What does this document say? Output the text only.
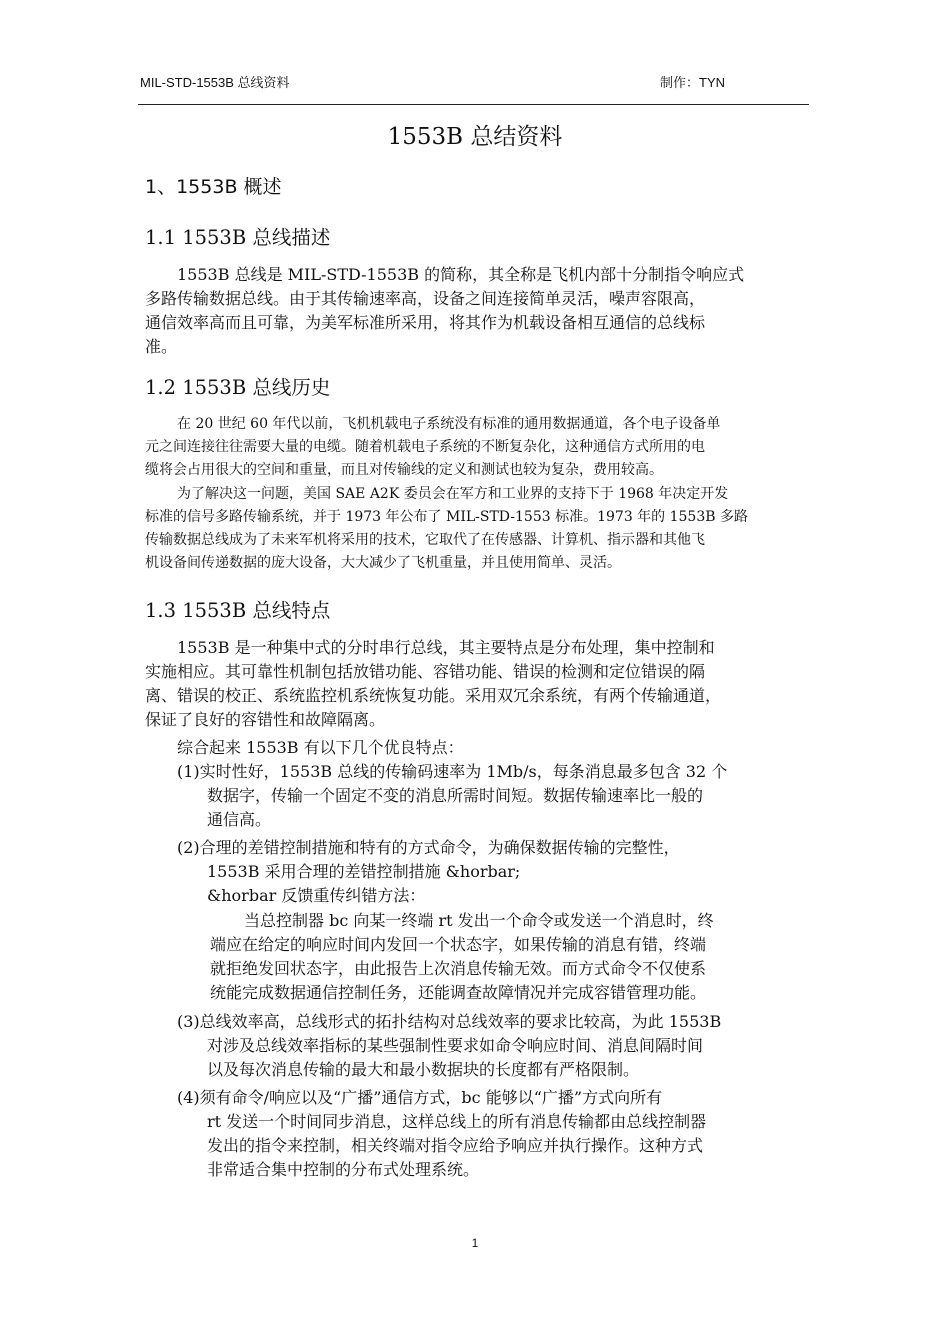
MIL-STD-1553B 总线资料	制作：TYN
1553B 总结资料
1、1553B 概述
1.1 1553B 总线描述
1553B 总线是 MIL-STD-1553B 的简称，其全称是飞机内部十分制指令响应式
多路传输数据总线。由于其传输速率高，设备之间连接简单灵活，噪声容限高，
通信效率高而且可靠，为美军标准所采用，将其作为机载设备相互通信的总线标
准。
1.2 1553B 总线历史
在 20 世纪 60 年代以前，飞机机载电子系统没有标准的通用数据通道，各个电子设备单
元之间连接往往需要大量的电缆。随着机载电子系统的不断复杂化，这种通信方式所用的电
缆将会占用很大的空间和重量，而且对传输线的定义和测试也较为复杂，费用较高。
为了解决这一问题，美国 SAE A2K 委员会在军方和工业界的支持下于 1968 年决定开发
标准的信号多路传输系统，并于 1973 年公布了 MIL-STD-1553 标准。1973 年的 1553B 多路
传输数据总线成为了未来军机将采用的技术，它取代了在传感器、计算机、指示器和其他飞
机设备间传递数据的庞大设备，大大减少了飞机重量，并且使用简单、灵活。
1.3 1553B 总线特点
1553B 是一种集中式的分时串行总线，其主要特点是分布处理，集中控制和
实施相应。其可靠性机制包括放错功能、容错功能、错误的检测和定位错误的隔
离、错误的校正、系统监控机系统恢复功能。采用双冗余系统，有两个传输通道，
保证了良好的容错性和故障隔离。
综合起来 1553B 有以下几个优良特点：
(1)实时性好，1553B 总线的传输码速率为 1Mb/s，每条消息最多包含 32 个
数据字，传输一个固定不变的消息所需时间短。数据传输速率比一般的
通信高。
(2)合理的差错控制措施和特有的方式命令，为确保数据传输的完整性，
1553B 采用合理的差错控制措施 &horbar;
&horbar 反馈重传纠错方法：
当总控制器 bc 向某一终端 rt 发出一个命令或发送一个消息时，终
端应在给定的响应时间内发回一个状态字，如果传输的消息有错，终端
就拒绝发回状态字，由此报告上次消息传输无效。而方式命令不仅使系
统能完成数据通信控制任务，还能调查故障情况并完成容错管理功能。
(3)总线效率高，总线形式的拓扑结构对总线效率的要求比较高，为此 1553B
对涉及总线效率指标的某些强制性要求如命令响应时间、消息间隔时间
以及每次消息传输的最大和最小数据块的长度都有严格限制。
(4)须有命令/响应以及“广播”通信方式，bc 能够以“广播”方式向所有
rt 发送一个时间同步消息，这样总线上的所有消息传输都由总线控制器
发出的指令来控制，相关终端对指令应给予响应并执行操作。这种方式
非常适合集中控制的分布式处理系统。
1
